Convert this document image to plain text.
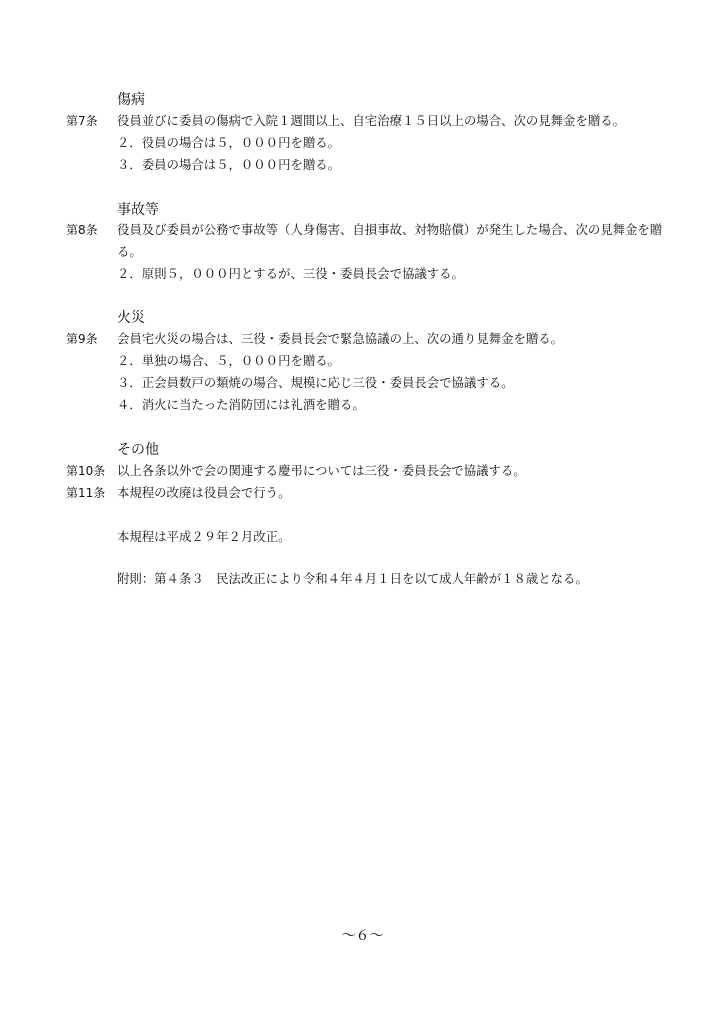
傷病
第7条 役員並びに委員の傷病で入院１週間以上、自宅治療１５日以上の場合、次の見舞金を贈る。
２．役員の場合は５，０００円を贈る。
３．委員の場合は５，０００円を贈る。
事故等
第8条 役員及び委員が公務で事故等（人身傷害、自損事故、対物賠償）が発生した場合、次の見舞金を贈る。
２．原則５，０００円とするが、三役・委員長会で協議する。
火災
第9条 会員宅火災の場合は、三役・委員長会で緊急協議の上、次の通り見舞金を贈る。
２．単独の場合、５，０００円を贈る。
３．正会員数戸の類焼の場合、規模に応じ三役・委員長会で協議する。
４．消火に当たった消防団には礼酒を贈る。
その他
第10条 以上各条以外で会の関連する慶弔については三役・委員長会で協議する。
第11条 本規程の改廃は役員会で行う。
本規程は平成２９年２月改正。
附則：第４条３　民法改正により令和４年４月１日を以て成人年齢が１８歳となる。
～６～
